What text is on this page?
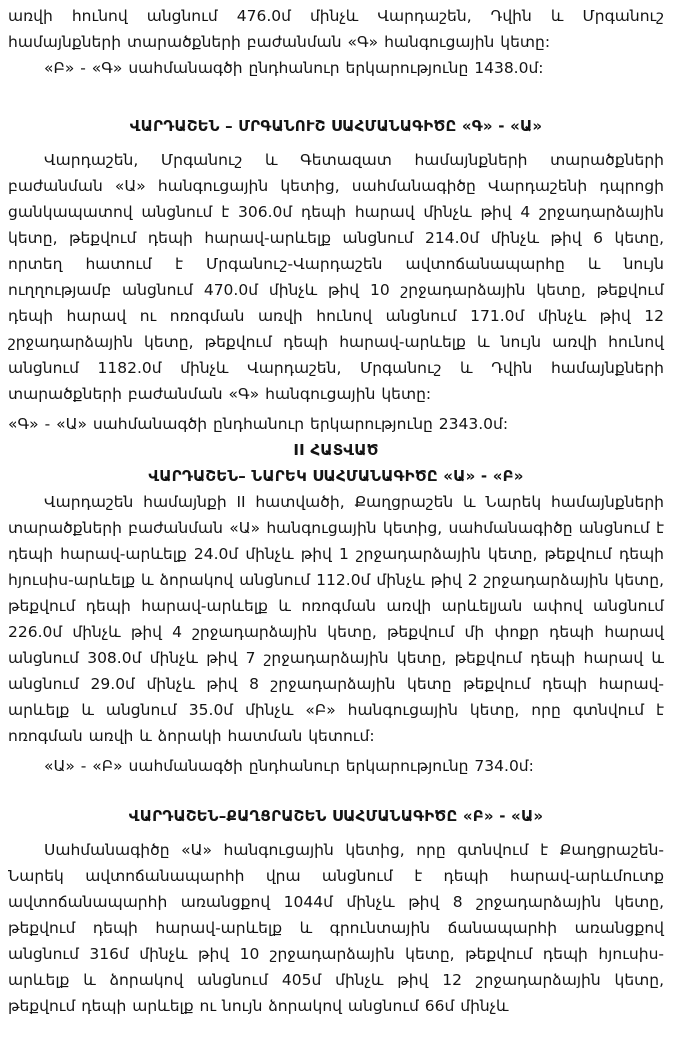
առվի հունով անցնում 476.0մ մինչև Վարդաշեն, Դվին և Մրգանուշ համայնքների տարածքների բաժանման «Գ» հանգուցային կետը:

«Բ» - «Գ» սահմանագծի ընդհանուր երկարությունը 1438.0մ:

ՎԱՐԴԱՇԵՆ – ՄՐԳԱՆՈՒՇ ՍԱՀՄԱՆԱԳԻԾԸ «Գ» - «Ա»

Վարդաշեն, Մրգանուշ և Գետազատ համայնքների տարածքների բաժանման «Ա» հանգուցային կետից, սահմանագիծը Վարդաշենի դպրոցի ցանկապատով անցնում է 306.0մ դեպի հարավ մինչև թիվ 4 շրջադարձային կետը, թեքվում դեպի հարավ-արևելք անցնում 214.0մ մինչև թիվ 6 կետը, որտեղ հատում է Մրգանուշ-Վարդաշեն ավտոճանապարհը և նույն ուղղությամբ անցնում 470.0մ մինչև թիվ 10 շրջադարձային կետը, թեքվում դեպի հարավ ու ոռոգման առվի հունով անցնում 171.0մ մինչև թիվ 12 շրջադարձային կետը, թեքվում դեպի հարավ-արևելք և նույն առվի հունով անցնում 1182.0մ մինչև Վարդաշեն, Մրգանուշ և Դվին համայնքների տարածքների բաժանման «Գ» հանգուցային կետը:

«Գ» - «Ա» սահմանագծի ընդհանուր երկարությունը 2343.0մ:

II ՀԱՏՎԱԾ
ՎԱՐԴԱՇԵՆ– ՆԱՐԵԿ ՍԱՀՄԱՆԱԳԻԾԸ «Ա» - «Բ»

Վարդաշեն համայնքի II հատվածի, Քաղցրաշեն և Նարեկ համայնքների տարածքների բաժանման «Ա» հանգուցային կետից, սահմանագիծը անցնում է դեպի հարավ-արևելք 24.0մ մինչև թիվ 1 շրջադարձային կետը, թեքվում դեպի հյուսիս-արևելք և ձորակով անցնում 112.0մ մինչև թիվ 2 շրջադարձային կետը, թեքվում դեպի հարավ-արևելք և ոռոգման առվի արևելյան ափով անցնում 226.0մ մինչև թիվ 4 շրջադարձային կետը, թեքվում մի փոքր դեպի հարավ անցնում 308.0մ մինչև թիվ 7 շրջադարձային կետը, թեքվում դեպի հարավ և անցնում 29.0մ մինչև թիվ 8 շրջադարձային կետը թեքվում դեպի հարավ-արևելք և անցնում 35.0մ մինչև «Բ» հանգուցային կետը, որը գտնվում է ոռոգման առվի և ձորակի հատման կետում:

«Ա» - «Բ» սահմանագծի ընդհանուր երկարությունը 734.0մ:

ՎԱՐԴԱՇԵՆ–ՔԱՂՑՐԱՇԵՆ ՍԱՀՄԱՆԱԳԻԾԸ «Բ» - «Ա»

Սահմանագիծը «Ա» հանգուցային կետից, որը գտնվում է Քաղցրաշեն-Նարեկ ավտոճանապարհի վրա անցնում է դեպի հարավ-արևմուտք ավտոճանապարհի առանցքով 1044մ մինչև թիվ 8 շրջադարձային կետը, թեքվում դեպի հարավ-արևելք և գրունտային ճանապարհի առանցքով անցնում 316մ մինչև թիվ 10 շրջադարձային կետը, թեքվում դեպի հյուսիս-արևելք և ձորակով անցնում 405մ մինչև թիվ 12 շրջադարձային կետը, թեքվում դեպի արևելք ու նույն ձորակով անցնում 66մ մինչև
